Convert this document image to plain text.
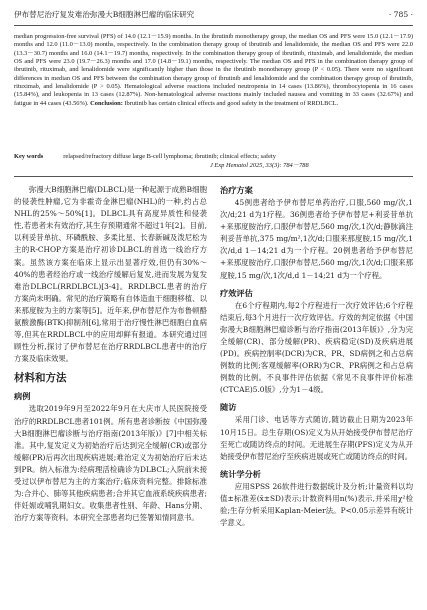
伊布替尼治疗复发难治弥漫大B细胞淋巴瘤的临床研究	· 785 ·
median progression-free survival (PFS) of 14.0 (12.1－15.9) months. In the ibrutinib monotherapy group, the median OS and PFS were 15.0 (12.1－17.9) months and 12.0 (11.0－13.0) months, respectively. In the combination therapy group of ibrutinib and lenalidomide, the median OS and PFS were 22.0 (13.3－30.7) months and 16.0 (14.1－19.7) months, respectively. In the combination therapy group of ibrutinib, rituximab, and lenalidomide, the median OS and PFS were 23.0 (19.7－26.3) months and 17.0 (14.8－19.1) months, respectively. The median OS and PFS in the combination therapy group of ibrutinib, rituximab, and lenalidomide were significantly higher than those in the ibrutinib monotherapy group (P < 0.05). There were no significant differences in median OS and PFS between the combination therapy group of ibrutinib and lenalidomide and the combination therapy group of ibrutinib, rituximab, and lenalidomide (P > 0.05). Hematological adverse reactions included neutropenia in 14 cases (13.86%), thrombocytopenia in 16 cases (15.84%), and leukopenia in 13 cases (12.87%). Non-hematological adverse reactions mainly included nausea and vomiting in 33 cases (32.67%) and fatigue in 44 cases (43.56%). Conclusion: Ibrutinib has certain clinical effects and good safety in the treatment of RRDLBCL.
Key words	relapsed/refractory diffuse large B-cell lymphoma; ibrutinib; clinical effects; safety
J Exp Hematol 2025, 33(3): 784－788

弥漫大B细胞淋巴瘤(DLBCL)是一种起源于成熟B细胞的侵袭性肿瘤,它为非霍奇金淋巴瘤(NHL)的一种,约占总NHL的25%～50%[1]。DLBCL具有高度异质性和侵袭性,若患者未有效治疗,其生存预期通常不超过1年[2]。目前,以利妥昔单抗、环磷酰胺、多柔比星、长春新碱及泼尼松为主的R-CHOP方案是治疗初诊DLBCL的首选一线治疗方案。虽然该方案在临床上显示出显著疗效,但仍有30%～40%的患者经治疗或一线治疗缓解后复发,进而发展为复发难治DLBCL(RRDLBCL)[3-4]。RRDLBCL患者的治疗方案尚未明确。常见的治疗策略有自体造血干细胞移植、以来那度胺为主的方案等[5]。近年来,伊布替尼作为布鲁顿酪氨酸激酶(BTK)抑制剂[6],常用于治疗慢性淋巴细胞白血病等,但其在RRDLBCL中的应用却鲜有报道。本研究通过回顾性分析,探讨了伊布替尼在治疗RRDLBCL患者中的治疗方案及临床效果。

材料和方法
病例

选取2019年9月至2022年9月在大庆市人民医院接受治疗的RRDLBCL患者101例。所有患者诊断按《中国弥漫大B细胞淋巴瘤诊断与治疗指南(2013年版)》[7]中相关标准。其中,复发定义为初始治疗后达到完全缓解(CR)或部分缓解(PR)后再次出现疾病进展;难治定义为初始治疗后未达到PR。纳入标准为:经病理活检确诊为DLBCL;入院前未接受过以伊布替尼为主的方案治疗;临床资料完整。排除标准为:合并心、肺等其他疾病患者;合并其它血液系统疾病患者;伴妊娠或哺乳期妇女。收集患者性别、年龄、Hans分期、治疗方案等资料。本研究全部患者均已签署知情同意书。

治疗方案

45例患者给予伊布替尼单药治疗,口服,560 mg/次,1次/d;21 d为1疗程。36例患者给予伊布替尼+利妥昔单抗+来那度胺治疗,口服伊布替尼,560 mg/次,1次/d;静脉滴注利妥昔单抗,375 mg/m²,1次/d;口服来那度胺,15 mg/次,1次/d,d 1－14;21 d为一个疗程。20例患者给予伊布替尼+来那度胺治疗,口服伊布替尼,560 mg/次,1次/d;口服来那度胺,15 mg/次,1次/d,d 1－14;21 d为一个疗程。

疗效评估

在6个疗程期内,每2个疗程进行一次疗效评估;6个疗程结束后,每3个月进行一次疗效评估。疗效的判定依据《中国弥漫大B细胞淋巴瘤诊断与治疗指南(2013年版)》,分为完全缓解(CR)、部分缓解(PR)、疾病稳定(SD)及疾病进展(PD)。疾病控制率(DCR)为CR、PR、SD病例之和占总病例数的比例;客观缓解率(ORR)为CR、PR病例之和占总病例数的比例。不良事件评估依据《常见不良事件评价标准(CTCAE)5.0版》,分为1－4级。

随访

采用门诊、电话等方式随访,随访截止日期为2023年10月15日。总生存期(OS)定义为从开始接受伊布替尼治疗至死亡或随访终点的时间。无进展生存期(PFS)定义为从开始接受伊布替尼治疗至疾病进展或死亡或随访终点的时间。

统计学分析

应用SPSS 26软件进行数据统计及分析;计量资料以均值±标准差(x̄±SD)表示;计数资料用n(%)表示,并采用χ²检验;生存分析采用Kaplan-Meier法。P<0.05示差异有统计学意义。
